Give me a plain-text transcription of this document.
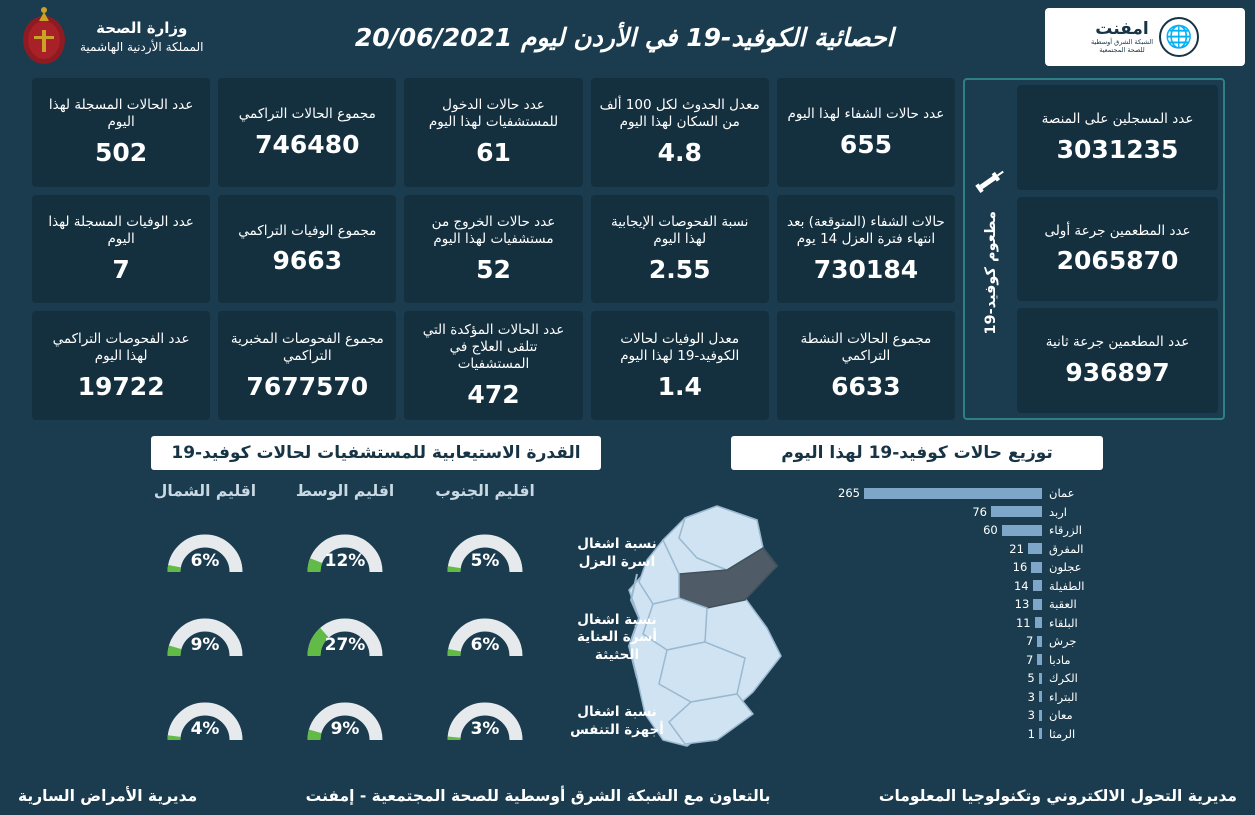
🌐
امفنت
الشبكة الشرق أوسطية
للصحة المجتمعية
احصائية الكوفيد-19 في الأردن ليوم 20/06/2021
وزارة الصحة
المملكة الأردنية الهاشمية
عدد الحالات المسجلة لهذا اليوم
502
عدد الوفيات المسجلة لهذا اليوم
7
عدد الفحوصات التراكمي لهذا اليوم
19722
مجموع الحالات التراكمي
746480
مجموع الوفيات التراكمي
9663
مجموع الفحوصات المخبرية التراكمي
7677570
عدد حالات الدخول للمستشفيات لهذا اليوم
61
عدد حالات الخروج من مستشفيات لهذا اليوم
52
عدد الحالات المؤكدة التي تتلقى العلاج في المستشفيات
472
معدل الحدوث لكل 100 ألف من السكان لهذا اليوم
4.8
نسبة الفحوصات الإيجابية لهذا اليوم
2.55
معدل الوفيات لحالات الكوفيد-19 لهذا اليوم
1.4
عدد حالات الشفاء لهذا اليوم
655
حالات الشفاء (المتوقعة) بعد انتهاء فترة العزل 14 يوم
730184
مجموع الحالات النشطة التراكمي
6633
عدد المسجلين على المنصة
3031235
عدد المطعمين جرعة أولى
2065870
عدد المطعمين جرعة ثانية
936897
مطعوم كوفيد-19
توزيع حالات كوفيد-19 لهذا اليوم
القدرة الاستيعابية للمستشفيات لحالات كوفيد-19
عمان
265
اربد
76
الزرقاء
60
المفرق
21
عجلون
16
الطفيلة
14
العقبة
13
البلقاء
11
جرش
7
مادبا
7
الكرك
5
البتراء
3
معان
3
الرمثا
1
اقليم الجنوب
اقليم الوسط
اقليم الشمال
5%
12%
6%
نسبة اشغال اسرة العزل
6%
27%
9%
نسبة اشغال أسرة العناية الحثيثة
3%
9%
4%
نسبة اشغال أجهزة التنفس
مديرية الأمراض السارية	بالتعاون مع الشبكة الشرق أوسطية للصحة المجتمعية - إمفنت	مديرية التحول الالكتروني وتكنولوجيا المعلومات
